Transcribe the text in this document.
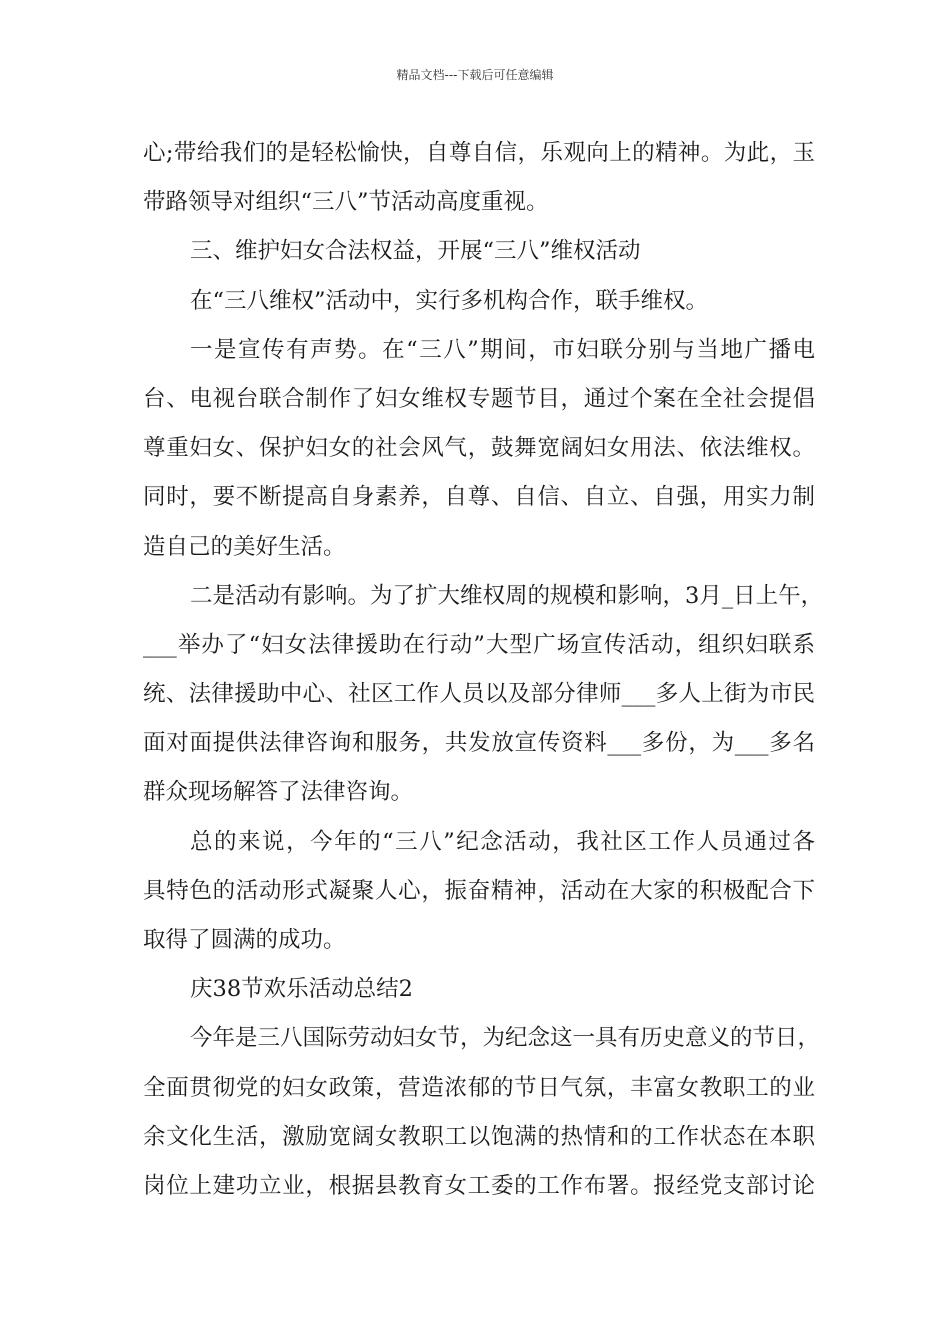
精品文档---下载后可任意编辑
心;带给我们的是轻松愉快，自尊自信，乐观向上的精神。为此，玉
带路领导对组织“三八”节活动高度重视。
三、维护妇女合法权益，开展“三八”维权活动
在“三八维权”活动中，实行多机构合作，联手维权。
一是宣传有声势。在“三八”期间，市妇联分别与当地广播电
台、电视台联合制作了妇女维权专题节目，通过个案在全社会提倡
尊重妇女、保护妇女的社会风气，鼓舞宽阔妇女用法、依法维权。
同时，要不断提高自身素养，自尊、自信、自立、自强，用实力制
造自己的美好生活。
二是活动有影响。为了扩大维权周的规模和影响，3月_日上午，
___举办了“妇女法律援助在行动”大型广场宣传活动，组织妇联系
统、法律援助中心、社区工作人员以及部分律师___多人上街为市民
面对面提供法律咨询和服务，共发放宣传资料___多份，为___多名
群众现场解答了法律咨询。
总的来说，今年的“三八”纪念活动，我社区工作人员通过各
具特色的活动形式凝聚人心，振奋精神，活动在大家的积极配合下
取得了圆满的成功。
庆38节欢乐活动总结2
今年是三八国际劳动妇女节，为纪念这一具有历史意义的节日，
全面贯彻党的妇女政策，营造浓郁的节日气氛，丰富女教职工的业
余文化生活，激励宽阔女教职工以饱满的热情和的工作状态在本职
岗位上建功立业，根据县教育女工委的工作布署。报经党支部讨论
